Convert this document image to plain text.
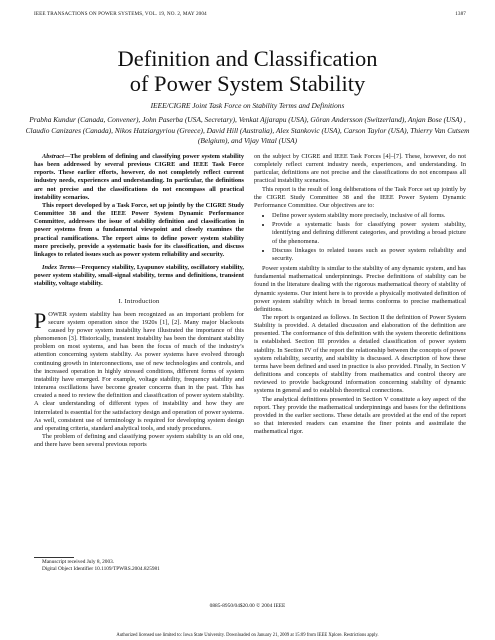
IEEE TRANSACTIONS ON POWER SYSTEMS, VOL. 19, NO. 2, MAY 2004	1387
Definition and Classification
of Power System Stability
IEEE/CIGRE Joint Task Force on Stability Terms and Definitions
Prabha Kundur (Canada, Convener), John Paserba (USA, Secretary), Venkat Ajjarapu (USA), Göran Andersson (Switzerland), Anjan Bose (USA) , Claudio Canizares (Canada), Nikos Hatziargyriou (Greece), David Hill (Australia), Alex Stankovic (USA), Carson Taylor (USA), Thierry Van Cutsem (Belgium), and Vijay Vittal (USA)

Abstract—The problem of defining and classifying power system stability has been addressed by several previous CIGRE and IEEE Task Force reports. These earlier efforts, however, do not completely reflect current industry needs, experiences and understanding. In particular, the definitions are not precise and the classifications do not encompass all practical instability scenarios.

This report developed by a Task Force, set up jointly by the CIGRE Study Committee 38 and the IEEE Power System Dynamic Performance Committee, addresses the issue of stability definition and classification in power systems from a fundamental viewpoint and closely examines the practical ramifications. The report aims to define power system stability more precisely, provide a systematic basis for its classification, and discuss linkages to related issues such as power system reliability and security.

Index Terms—Frequency stability, Lyapunov stability, oscillatory stability, power system stability, small-signal stability, terms and definitions, transient stability, voltage stability.

I. Introduction

POWER system stability has been recognized as an important problem for secure system operation since the 1920s [1], [2]. Many major blackouts caused by power system instability have illustrated the importance of this phenomenon [3]. Historically, transient instability has been the dominant stability problem on most systems, and has been the focus of much of the industry’s attention concerning system stability. As power systems have evolved through continuing growth in interconnections, use of new technologies and controls, and the increased operation in highly stressed conditions, different forms of system instability have emerged. For example, voltage stability, frequency stability and interarea oscillations have become greater concerns than in the past. This has created a need to review the definition and classification of power system stability. A clear understanding of different types of instability and how they are interrelated is essential for the satisfactory design and operation of power systems. As well, consistent use of terminology is required for developing system design and operating criteria, standard analytical tools, and study procedures.

The problem of defining and classifying power system stability is an old one, and there have been several previous reports

Manuscript received July 8, 2003.
Digital Object Identifier 10.1109/TPWRS.2004.825981

on the subject by CIGRE and IEEE Task Forces [4]–[7]. These, however, do not completely reflect current industry needs, experiences, and understanding. In particular, definitions are not precise and the classifications do not encompass all practical instability scenarios.

This report is the result of long deliberations of the Task Force set up jointly by the CIGRE Study Committee 38 and the IEEE Power System Dynamic Performance Committee. Our objectives are to:

• Define power system stability more precisely, inclusive of all forms.
• Provide a systematic basis for classifying power system stability, identifying and defining different categories, and providing a broad picture of the phenomena.
• Discuss linkages to related issues such as power system reliability and security.

Power system stability is similar to the stability of any dynamic system, and has fundamental mathematical underpinnings. Precise definitions of stability can be found in the literature dealing with the rigorous mathematical theory of stability of dynamic systems. Our intent here is to provide a physically motivated definition of power system stability which in broad terms conforms to precise mathematical definitions.

The report is organized as follows. In Section II the definition of Power System Stability is provided. A detailed discussion and elaboration of the definition are presented. The conformance of this definition with the system theoretic definitions is established. Section III provides a detailed classification of power system stability. In Section IV of the report the relationship between the concepts of power system reliability, security, and stability is discussed. A description of how these terms have been defined and used in practice is also provided. Finally, in Section V definitions and concepts of stability from mathematics and control theory are reviewed to provide background information concerning stability of dynamic systems in general and to establish theoretical connections.

The analytical definitions presented in Section V constitute a key aspect of the report. They provide the mathematical underpinnings and bases for the definitions provided in the earlier sections. These details are provided at the end of the report so that interested readers can examine the finer points and assimilate the mathematical rigor.

0885-8950/04$20.00 © 2004 IEEE
Authorized licensed use limited to: Iowa State University. Downloaded on January 21, 2009 at 15:09 from IEEE Xplore. Restrictions apply.
